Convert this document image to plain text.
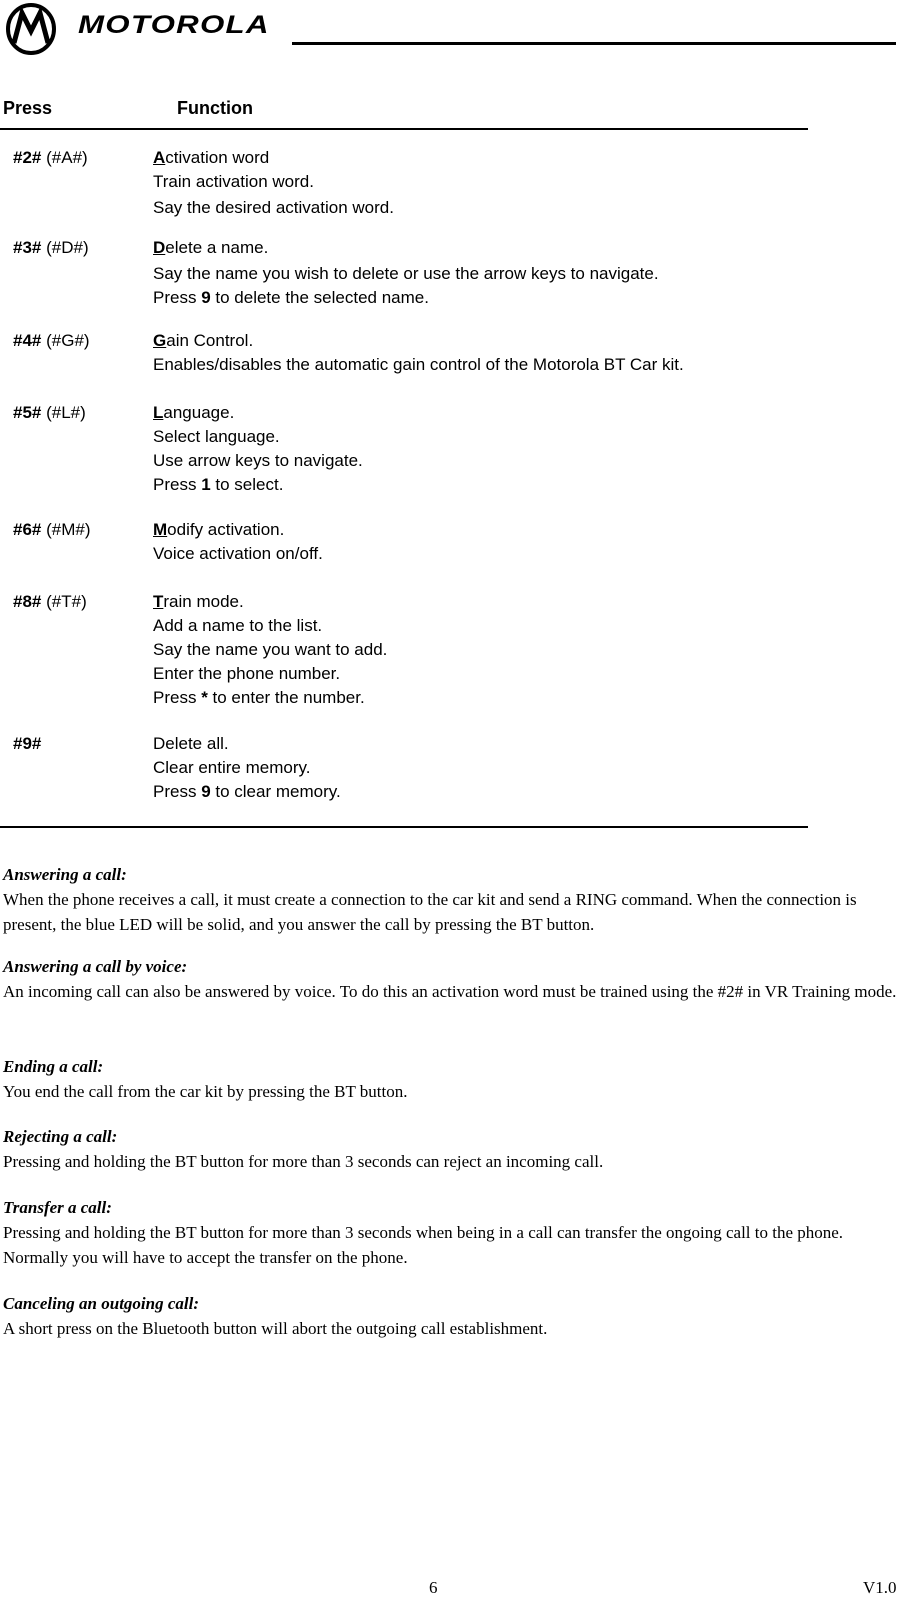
MOTOROLA
Press	Function
#2# (#A#)	Activation word
Train activation word.
Say the desired activation word.
#3# (#D#)	Delete a name.
Say the name you wish to delete or use the arrow keys to navigate.
Press 9 to delete the selected name.
#4# (#G#)	Gain Control.
Enables/disables the automatic gain control of the Motorola BT Car kit.
#5# (#L#)	Language.
Select language.
Use arrow keys to navigate.
Press 1 to select.
#6# (#M#)	Modify activation.
Voice activation on/off.
#8# (#T#)	Train mode.
Add a name to the list.
Say the name you want to add.
Enter the phone number.
Press * to enter the number.
#9#	Delete all.
Clear entire memory.
Press 9 to clear memory.
Answering a call:
When the phone receives a call, it must create a connection to the car kit and send a RING command. When the connection is present, the blue LED will be solid, and you answer the call by pressing the BT button.
Answering a call by voice:
An incoming call can also be answered by voice. To do this an activation word must be trained using the #2# in VR Training mode.
Ending a call:
You end the call from the car kit by pressing the BT button.
Rejecting a call:
Pressing and holding the BT button for more than 3 seconds can reject an incoming call.
Transfer a call:
Pressing and holding the BT button for more than 3 seconds when being in a call can transfer the ongoing call to the phone. Normally you will have to accept the transfer on the phone.
Canceling an outgoing call:
A short press on the Bluetooth button will abort the outgoing call establishment.
6	V1.0
